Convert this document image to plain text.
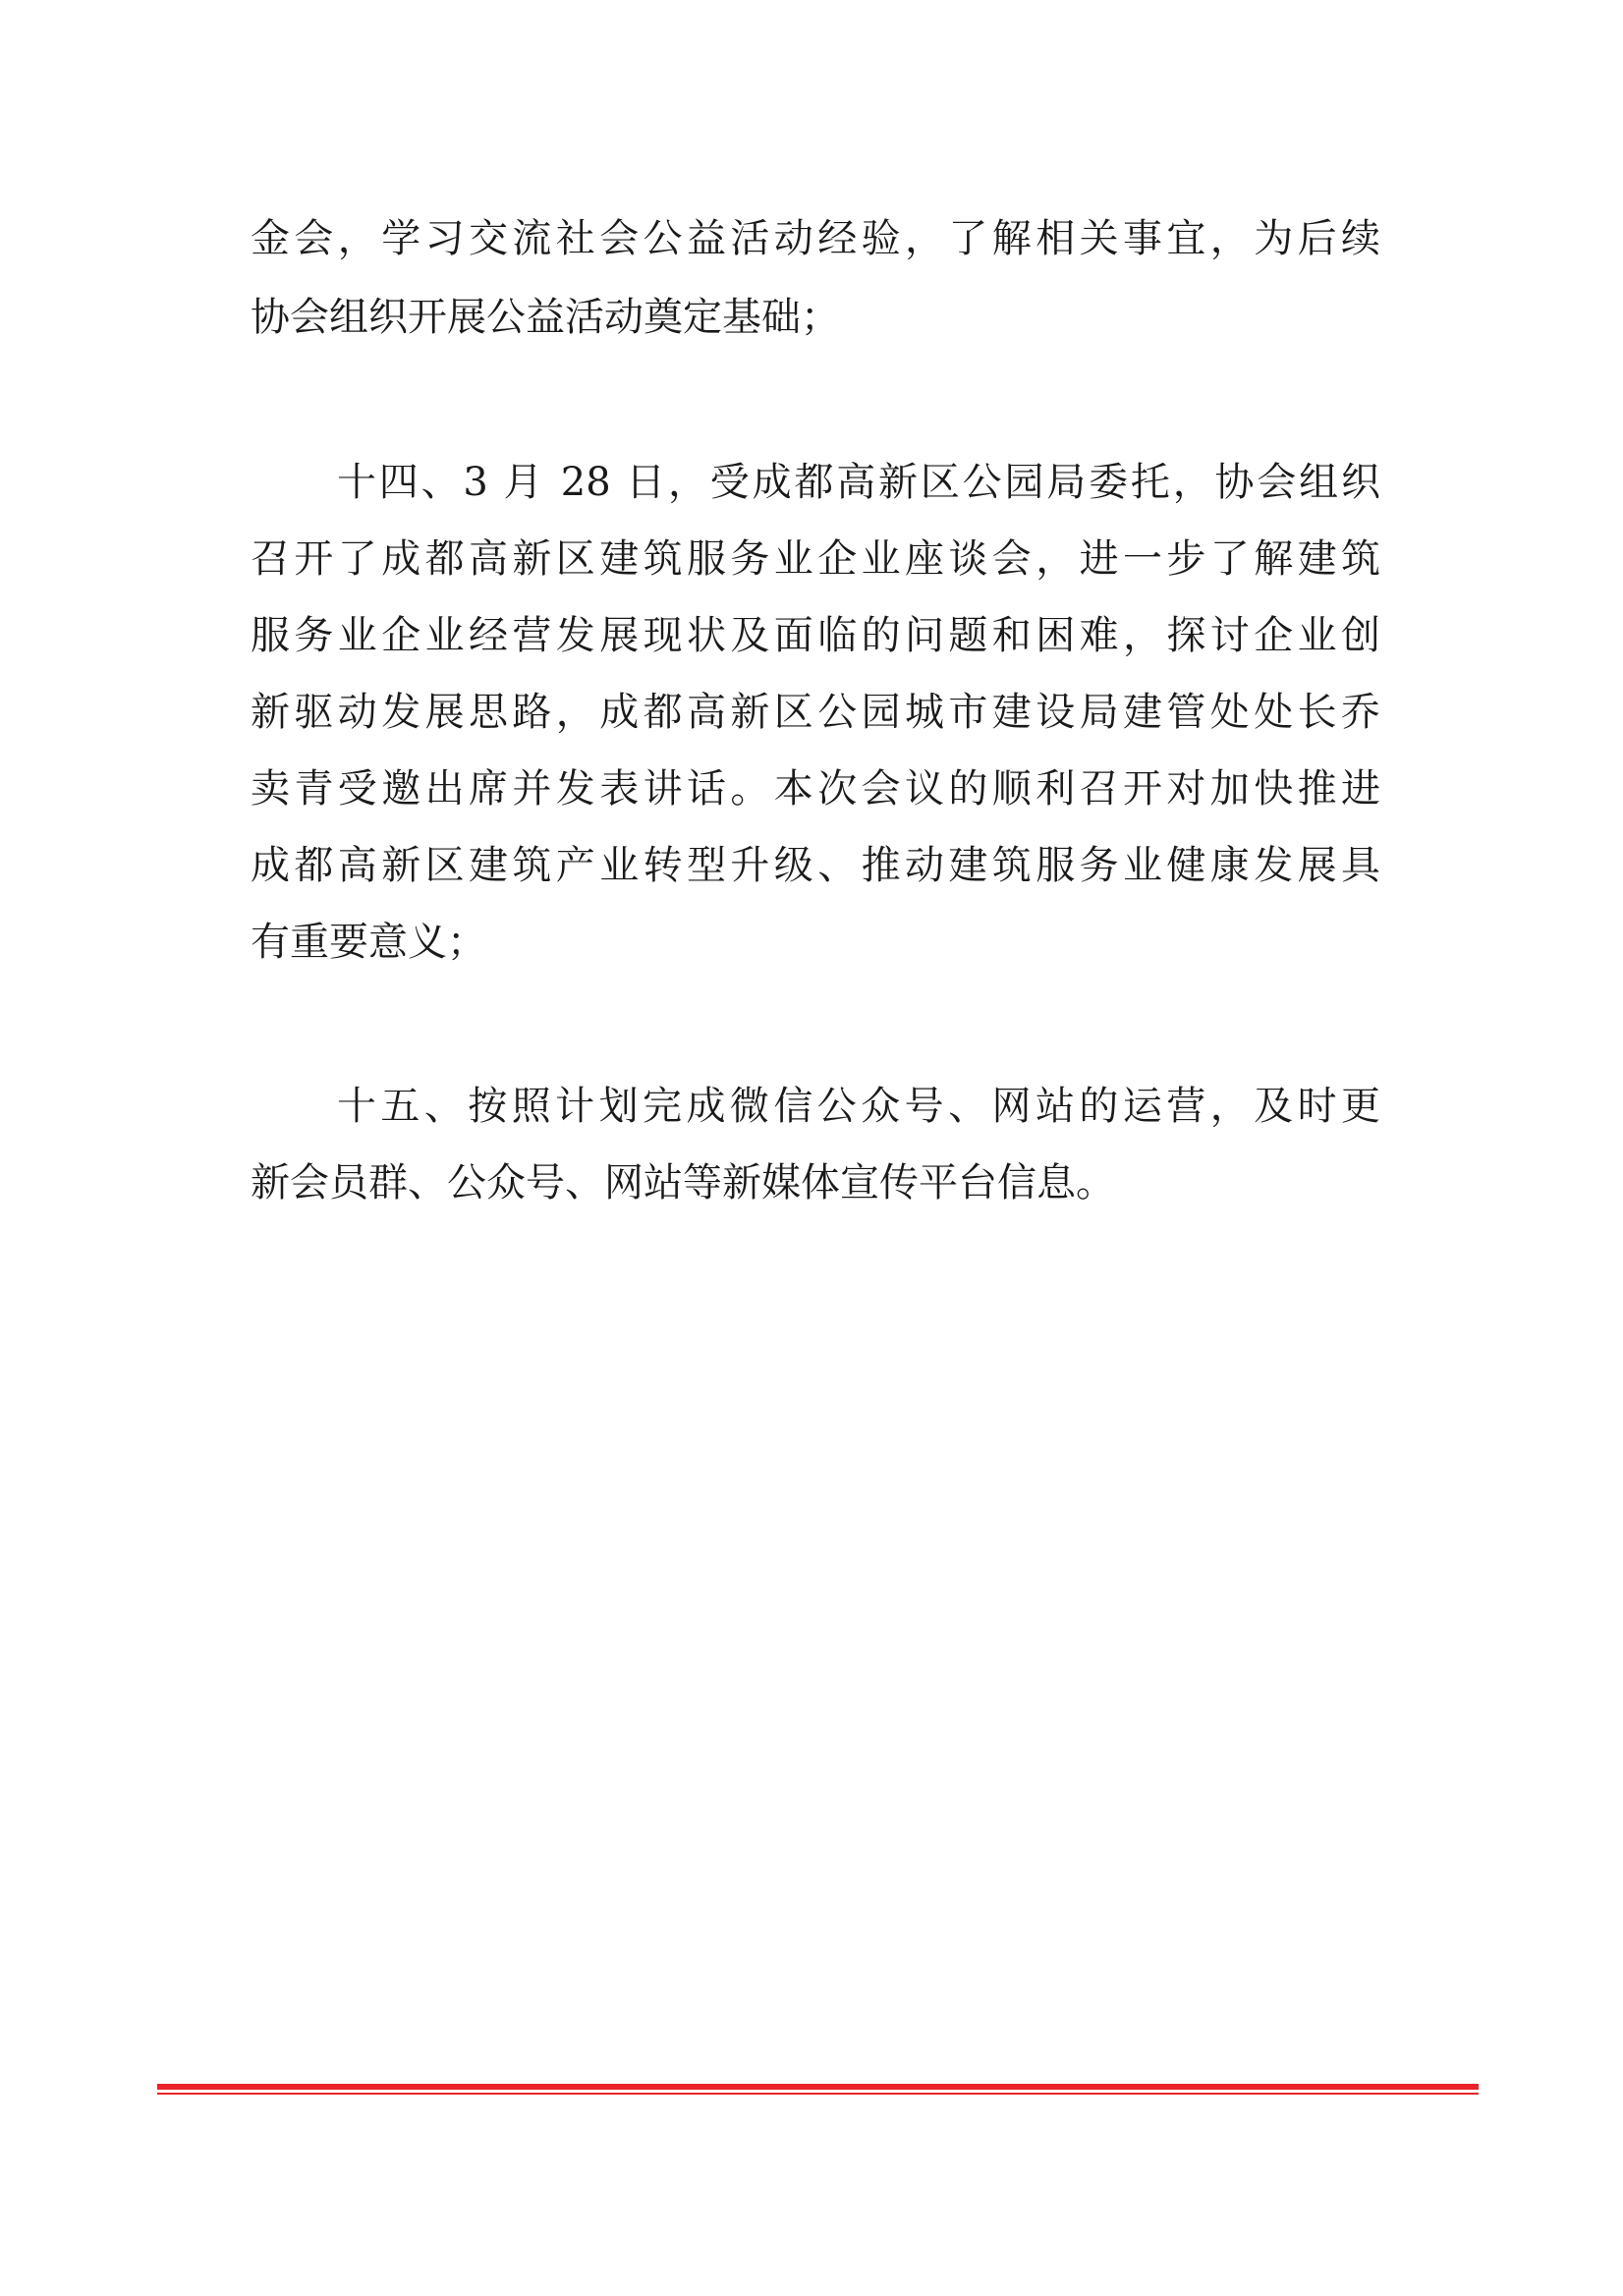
金会，学习交流社会公益活动经验，了解相关事宜，为后续
协会组织开展公益活动奠定基础；
十四、3 月 28 日，受成都高新区公园局委托，协会组织
召开了成都高新区建筑服务业企业座谈会，进一步了解建筑
服务业企业经营发展现状及面临的问题和困难，探讨企业创
新驱动发展思路，成都高新区公园城市建设局建管处处长乔
卖青受邀出席并发表讲话。本次会议的顺利召开对加快推进
成都高新区建筑产业转型升级、推动建筑服务业健康发展具
有重要意义；
十五、按照计划完成微信公众号、网站的运营，及时更
新会员群、公众号、网站等新媒体宣传平台信息。
